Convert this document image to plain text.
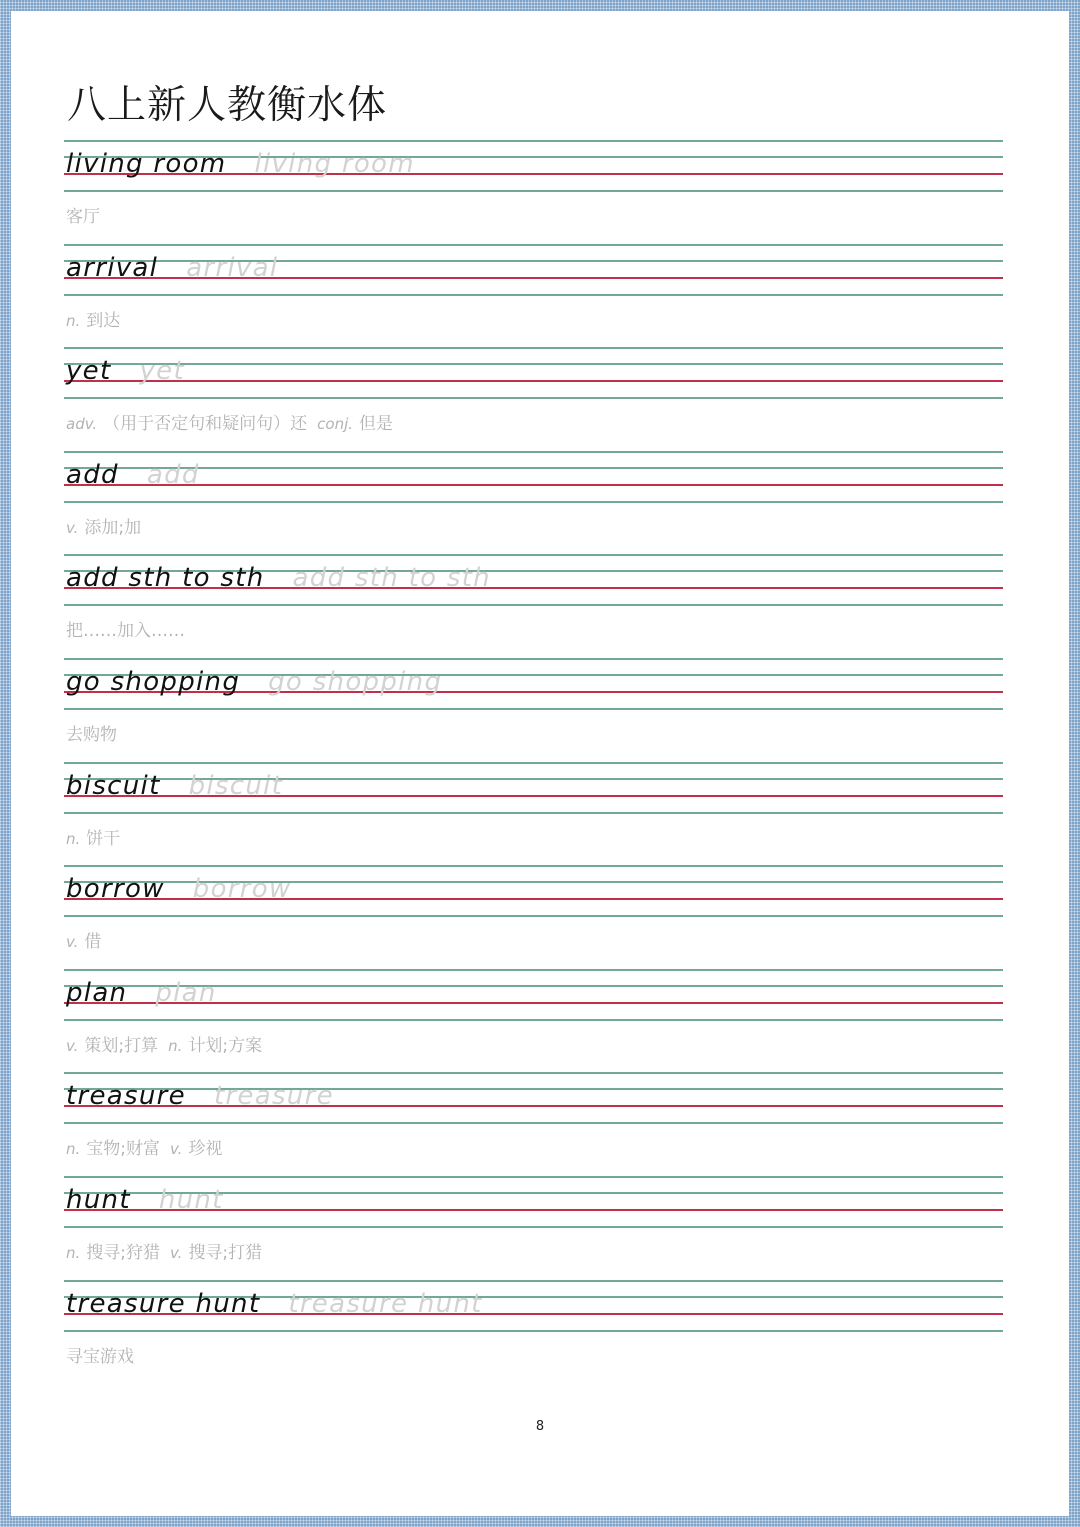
八上新人教衡水体
living room living room
客厅
arrival arrival
n. 到达
yet yet
adv. （用于否定句和疑问句）还 conj. 但是
add add
v. 添加;加
add sth to sth add sth to sth
把……加入……
go shopping go shopping
去购物
biscuit biscuit
n. 饼干
borrow borrow
v. 借
plan plan
v. 策划;打算 n. 计划;方案
treasure treasure
n. 宝物;财富 v. 珍视
hunt hunt
n. 搜寻;狩猎 v. 搜寻;打猎
treasure hunt treasure hunt
寻宝游戏
8
